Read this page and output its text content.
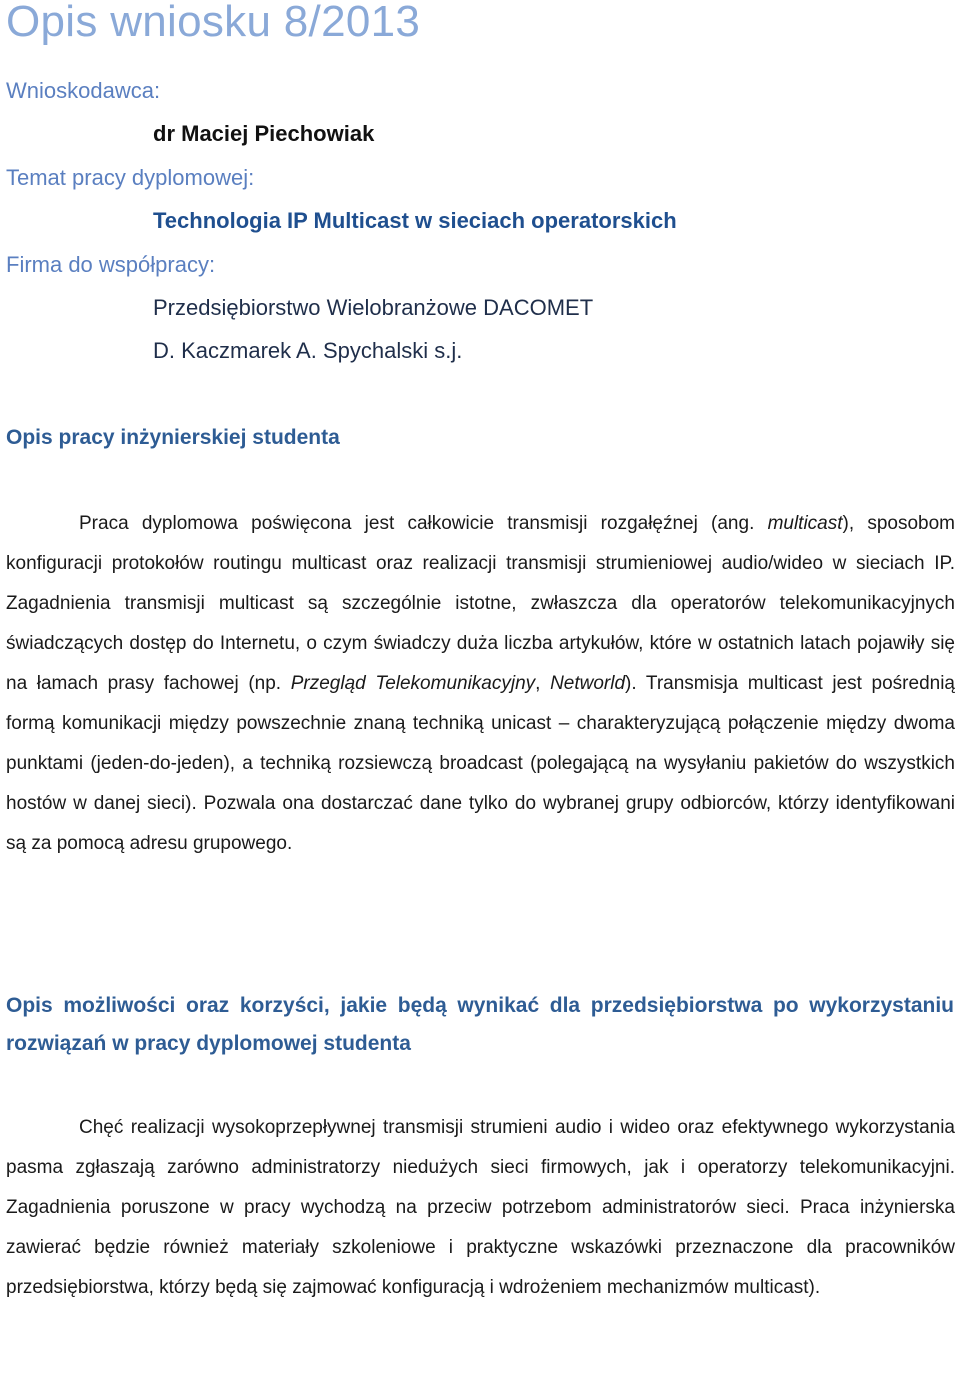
Opis wniosku 8/2013
Wnioskodawca:
dr Maciej Piechowiak
Temat pracy dyplomowej:
Technologia IP Multicast w sieciach operatorskich
Firma do współpracy:
Przedsiębiorstwo Wielobranżowe DACOMET
D. Kaczmarek A. Spychalski s.j.
Opis pracy inżynierskiej studenta

Praca dyplomowa poświęcona jest całkowicie transmisji rozgałęźnej (ang. multicast), sposobom konfiguracji protokołów routingu multicast oraz realizacji transmisji strumieniowej audio/wideo w sieciach IP. Zagadnienia transmisji multicast są szczególnie istotne, zwłaszcza dla operatorów telekomunikacyjnych świadczących dostęp do Internetu, o czym świadczy duża liczba artykułów, które w ostatnich latach pojawiły się na łamach prasy fachowej (np. Przegląd Telekomunikacyjny, Networld). Transmisja multicast jest pośrednią formą komunikacji między powszechnie znaną techniką unicast – charakteryzującą połączenie między dwoma punktami (jeden-do-jeden), a techniką rozsiewczą broadcast (polegającą na wysyłaniu pakietów do wszystkich hostów w danej sieci). Pozwala ona dostarczać dane tylko do wybranej grupy odbiorców, którzy identyfikowani są za pomocą adresu grupowego.

Opis możliwości oraz korzyści, jakie będą wynikać dla przedsiębiorstwa po wykorzystaniu rozwiązań w pracy dyplomowej studenta

Chęć realizacji wysokoprzepływnej transmisji strumieni audio i wideo oraz efektywnego wykorzystania pasma zgłaszają zarówno administratorzy niedużych sieci firmowych, jak i operatorzy telekomunikacyjni. Zagadnienia poruszone w pracy wychodzą na przeciw potrzebom administratorów sieci. Praca inżynierska zawierać będzie również materiały szkoleniowe i praktyczne wskazówki przeznaczone dla pracowników przedsiębiorstwa, którzy będą się zajmować konfiguracją i wdrożeniem mechanizmów multicast).
